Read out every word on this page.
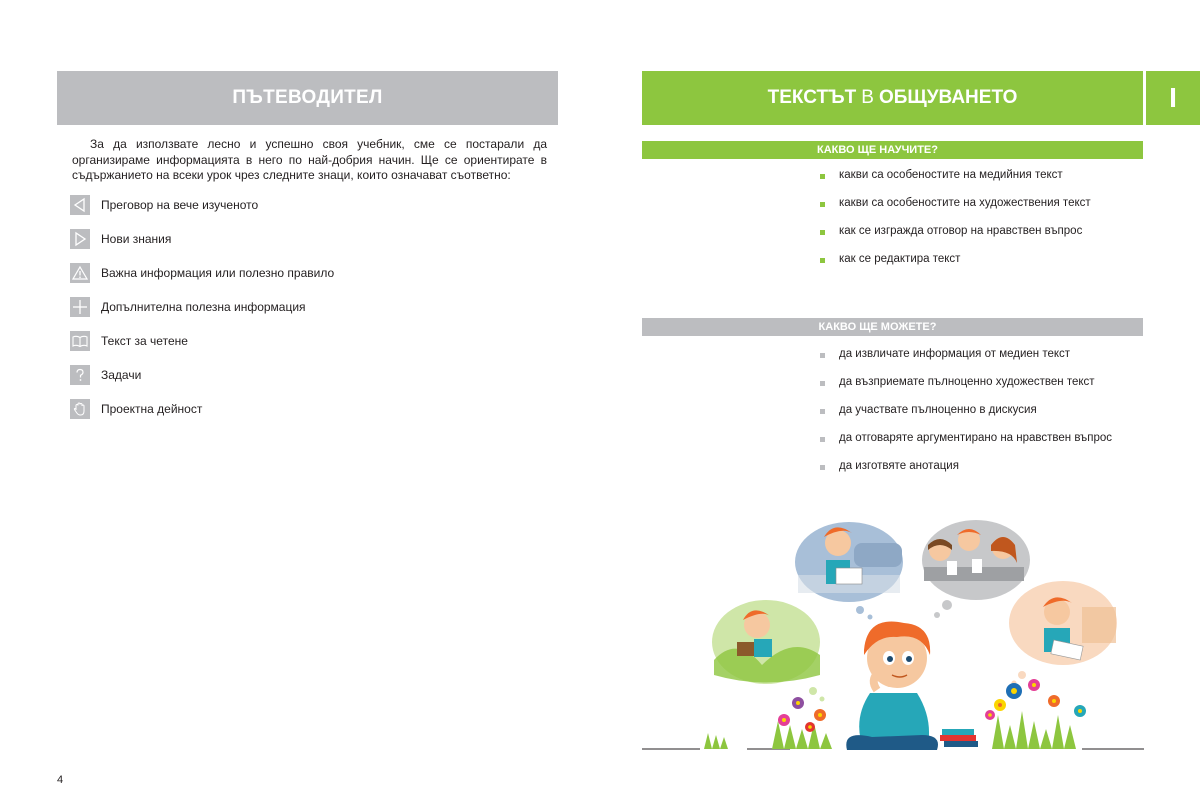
ПЪТЕВОДИТЕЛ

За да използвате лесно и успешно своя учебник, сме се постарали да организираме информацията в него по най-добрия начин. Ще се ориентирате в съдържанието на всеки урок чрез следните знаци, които означават съответно:

Преговор на вече изученото
Нови знания
Важна информация или полезно правило
Допълнителна полезна информация
Текст за четене
Задачи
Проектна дейност
4
ТЕКСТЪТ В ОБЩУВАНЕТО	I
КАКВО ЩЕ НАУЧИТЕ?
какви са особеностите на медийния текст
какви са особеностите на художествения текст
как се изгражда отговор на нравствен въпрос
как се редактира текст
КАКВО ЩЕ МОЖЕТЕ?
да извличате информация от медиен текст
да възприемате пълноценно художествен текст
да участвате пълноценно в дискусия
да отговаряте аргументирано на нравствен въпрос
да изготвяте анотация
